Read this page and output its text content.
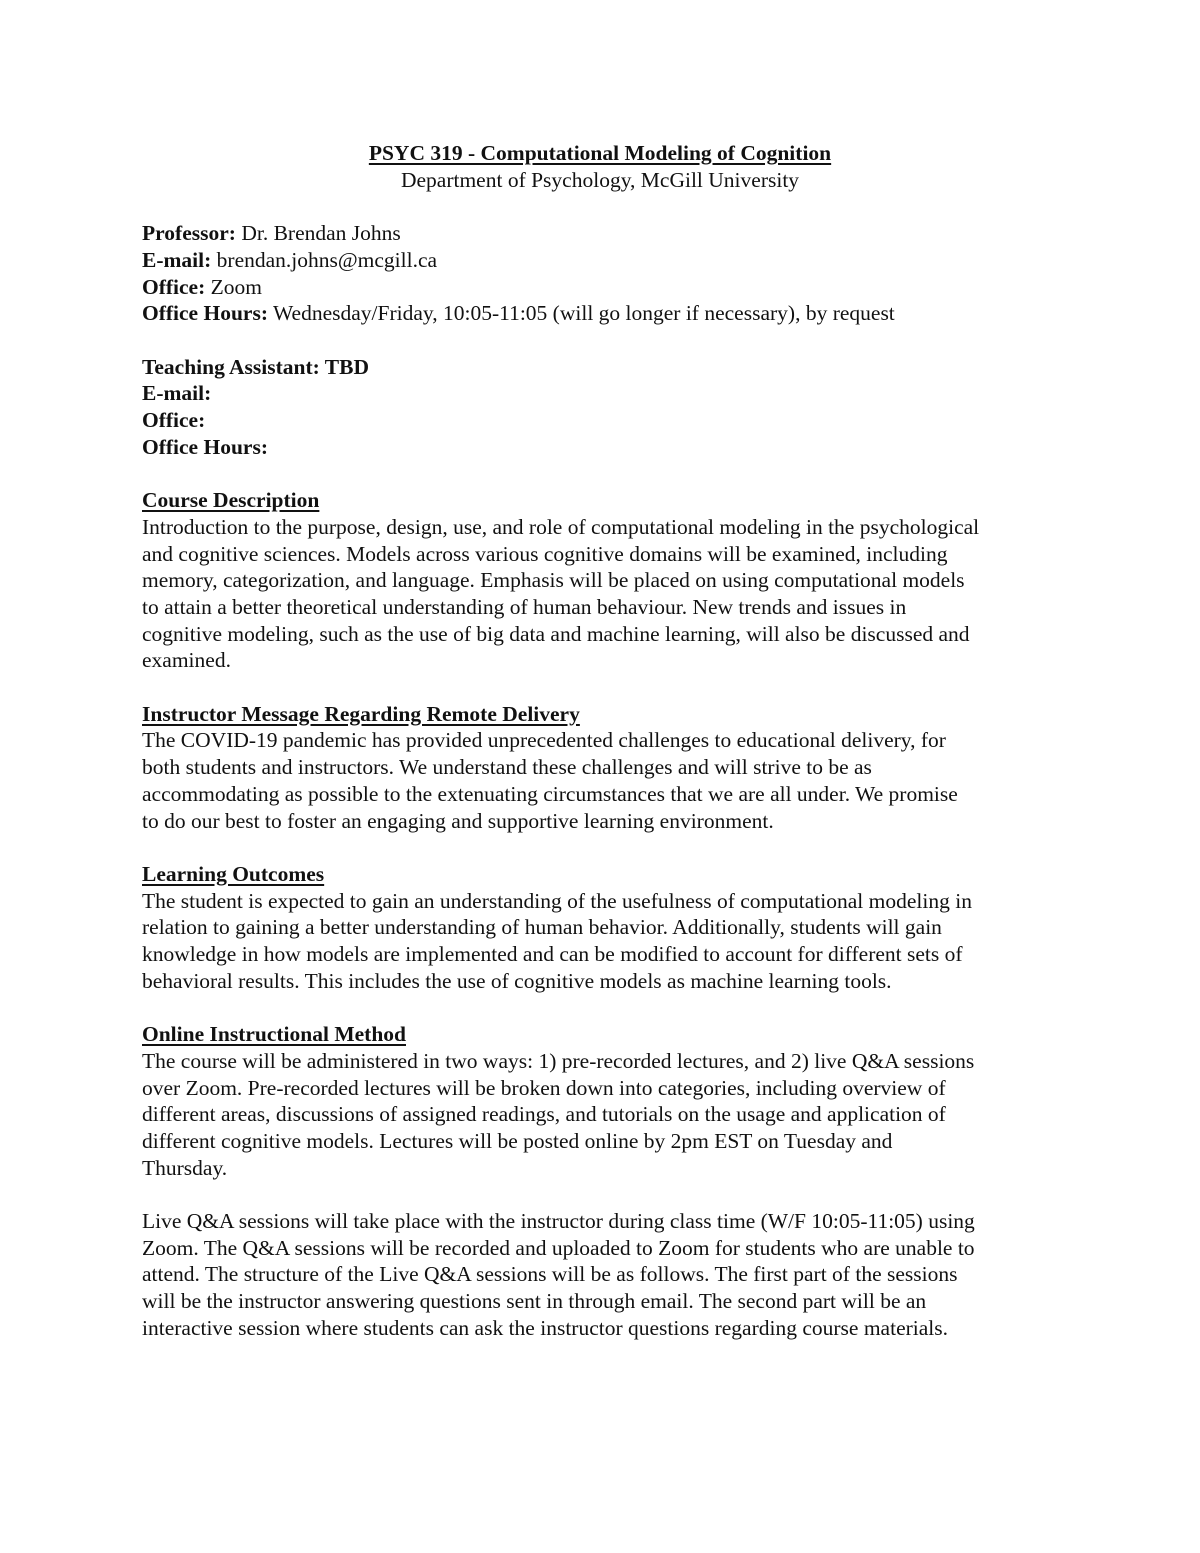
PSYC 319 - Computational Modeling of Cognition
Department of Psychology, McGill University
Professor: Dr. Brendan Johns
E-mail: brendan.johns@mcgill.ca
Office: Zoom
Office Hours: Wednesday/Friday, 10:05-11:05 (will go longer if necessary), by request
Teaching Assistant: TBD
E-mail:
Office:
Office Hours:
Course Description
Introduction to the purpose, design, use, and role of computational modeling in the psychological
and cognitive sciences. Models across various cognitive domains will be examined, including
memory, categorization, and language. Emphasis will be placed on using computational models
to attain a better theoretical understanding of human behaviour. New trends and issues in
cognitive modeling, such as the use of big data and machine learning, will also be discussed and
examined.
Instructor Message Regarding Remote Delivery
The COVID-19 pandemic has provided unprecedented challenges to educational delivery, for
both students and instructors. We understand these challenges and will strive to be as
accommodating as possible to the extenuating circumstances that we are all under. We promise
to do our best to foster an engaging and supportive learning environment.
Learning Outcomes
The student is expected to gain an understanding of the usefulness of computational modeling in
relation to gaining a better understanding of human behavior. Additionally, students will gain
knowledge in how models are implemented and can be modified to account for different sets of
behavioral results. This includes the use of cognitive models as machine learning tools.
Online Instructional Method
The course will be administered in two ways: 1) pre-recorded lectures, and 2) live Q&A sessions
over Zoom. Pre-recorded lectures will be broken down into categories, including overview of
different areas, discussions of assigned readings, and tutorials on the usage and application of
different cognitive models. Lectures will be posted online by 2pm EST on Tuesday and
Thursday.
Live Q&A sessions will take place with the instructor during class time (W/F 10:05-11:05) using
Zoom. The Q&A sessions will be recorded and uploaded to Zoom for students who are unable to
attend. The structure of the Live Q&A sessions will be as follows. The first part of the sessions
will be the instructor answering questions sent in through email. The second part will be an
interactive session where students can ask the instructor questions regarding course materials.
